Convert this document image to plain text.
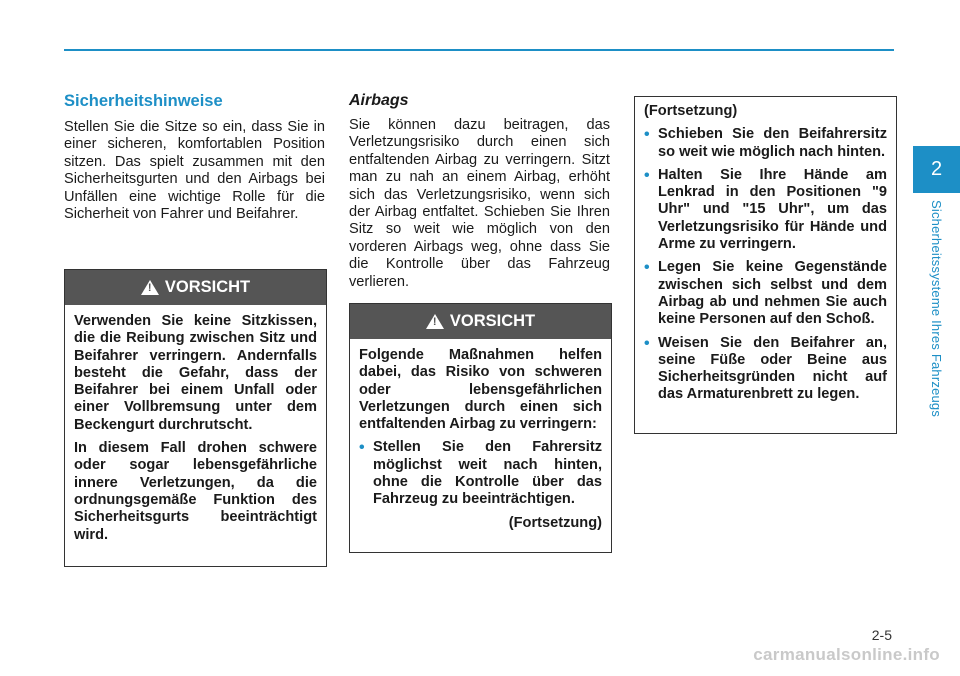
2
Sicherheitssysteme Ihres Fahrzeugs
Sicherheitshinweise
Stellen Sie die Sitze so ein, dass Sie in einer sicheren, komfortablen Position sitzen. Das spielt zusammen mit den Sicherheitsgurten und den Airbags bei Unfällen eine wichtige Rolle für die Sicherheit von Fahrer und Beifahrer.
!
VORSICHT

Verwenden Sie keine Sitzkissen, die die Reibung zwischen Sitz und Beifahrer verringern. Andernfalls besteht die Gefahr, dass der Beifahrer bei einem Unfall oder einer Vollbremsung unter dem Beckengurt durchrutscht.

In diesem Fall drohen schwere oder sogar lebensgefährliche innere Verletzungen, da die ordnungsgemäße Funktion des Sicherheitsgurts beeinträchtigt wird.

Airbags
Sie können dazu beitragen, das Verletzungsrisiko durch einen sich entfaltenden Airbag zu verringern. Sitzt man zu nah an einem Airbag, erhöht sich das Verletzungsrisiko, wenn sich der Airbag entfaltet. Schieben Sie Ihren Sitz so weit wie möglich von den vorderen Airbags weg, ohne dass Sie die Kontrolle über das Fahrzeug verlieren.
!
VORSICHT

Folgende Maßnahmen helfen dabei, das Risiko von schweren oder lebensgefährlichen Verletzungen durch einen sich entfaltenden Airbag zu verringern:

• Stellen Sie den Fahrersitz möglichst weit nach hinten, ohne die Kontrolle über das Fahrzeug zu beeinträchtigen.
(Fortsetzung)

(Fortsetzung)

• Schieben Sie den Beifahrersitz so weit wie möglich nach hinten.
• Halten Sie Ihre Hände am Lenkrad in den Positionen "9 Uhr" und "15 Uhr", um das Verletzungsrisiko für Hände und Arme zu verringern.
• Legen Sie keine Gegenstände zwischen sich selbst und dem Airbag ab und nehmen Sie auch keine Personen auf den Schoß.
• Weisen Sie den Beifahrer an, seine Füße oder Beine aus Sicherheitsgründen nicht auf das Armaturenbrett zu legen.
2-5
carmanualsonline.info
